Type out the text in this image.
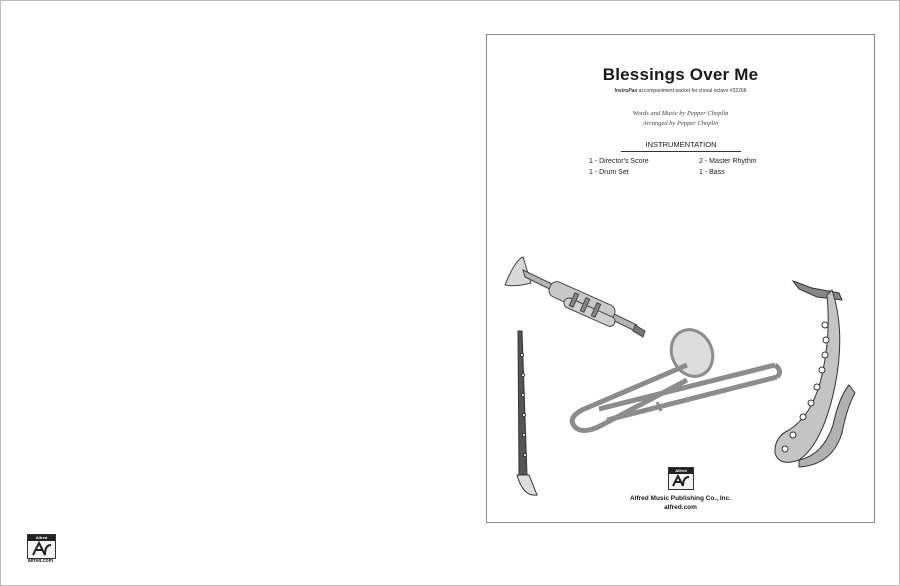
Blessings Over Me
InstruPax accompaniment packet for choral octavo #32266
Words and Music by Pepper Choplin
Arranged by Pepper Choplin
INSTRUMENTATION
1 - Director's Score	2 - Master Rhythm
1 - Drum Set	1 - Bass
Alfred
Alfred Music Publishing Co., Inc.
alfred.com
Alfred
alfred.com
